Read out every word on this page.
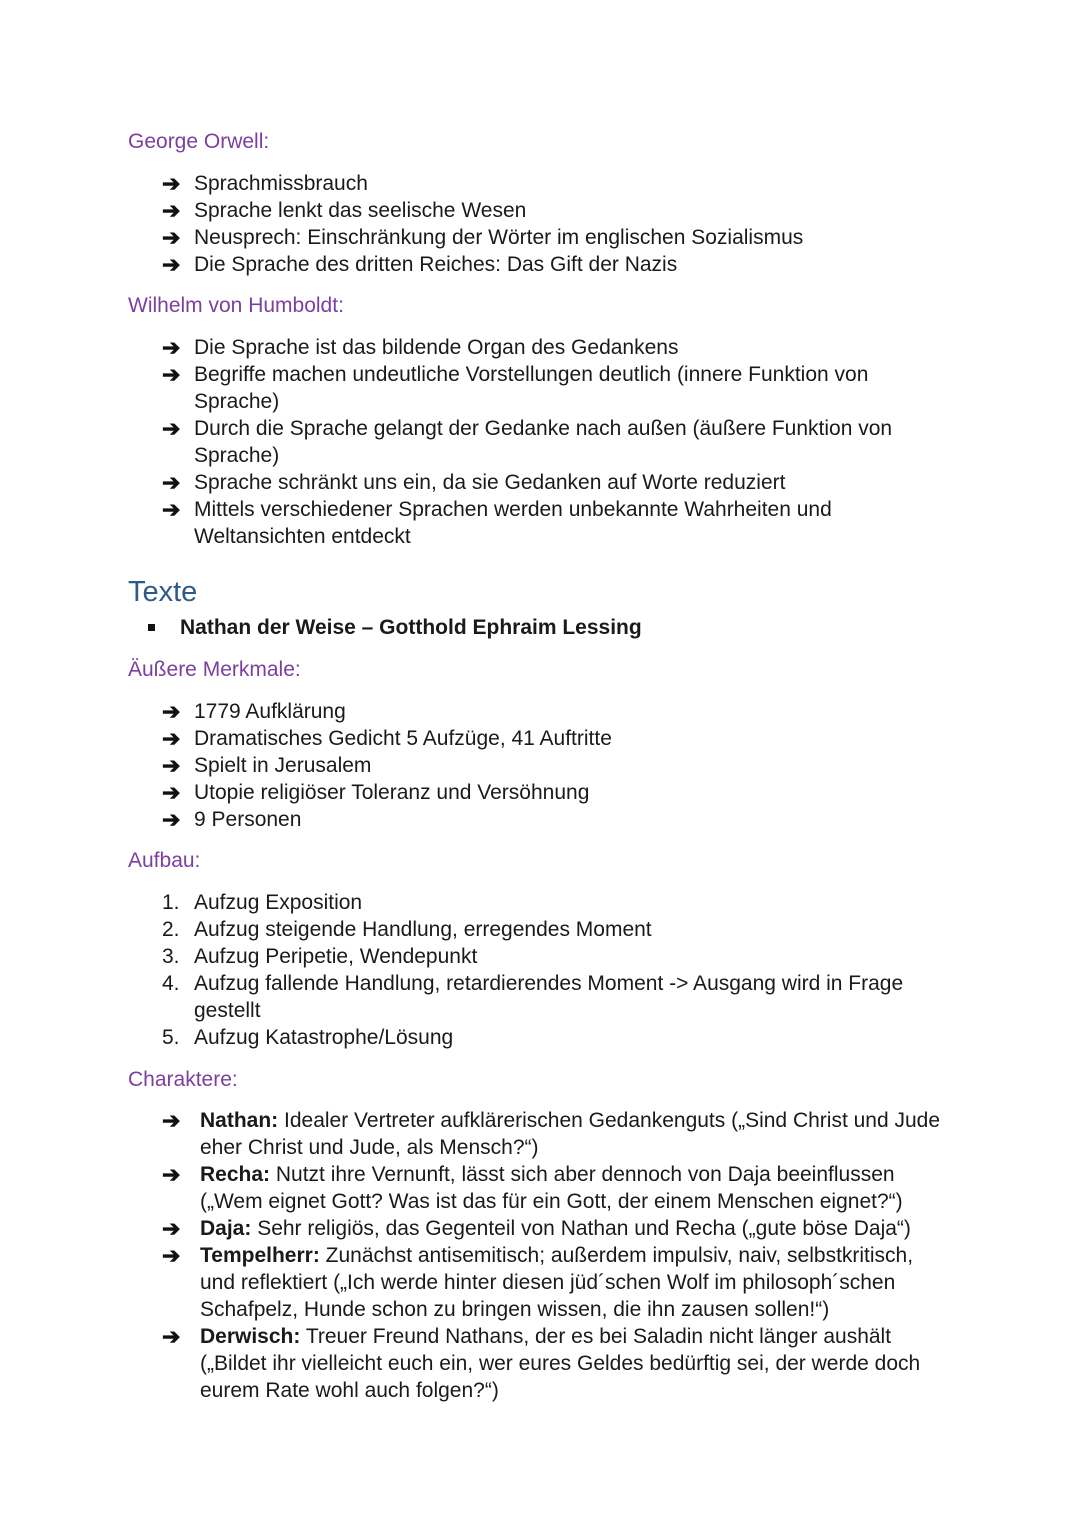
George Orwell:
➔ Sprachmissbrauch
➔ Sprache lenkt das seelische Wesen
➔ Neusprech: Einschränkung der Wörter im englischen Sozialismus
➔ Die Sprache des dritten Reiches: Das Gift der Nazis
Wilhelm von Humboldt:
➔ Die Sprache ist das bildende Organ des Gedankens
➔ Begriffe machen undeutliche Vorstellungen deutlich (innere Funktion von Sprache)
➔ Durch die Sprache gelangt der Gedanke nach außen (äußere Funktion von Sprache)
➔ Sprache schränkt uns ein, da sie Gedanken auf Worte reduziert
➔ Mittels verschiedener Sprachen werden unbekannte Wahrheiten und Weltansichten entdeckt
Texte

Nathan der Weise – Gotthold Ephraim Lessing

Äußere Merkmale:
➔ 1779 Aufklärung
➔ Dramatisches Gedicht 5 Aufzüge, 41 Auftritte
➔ Spielt in Jerusalem
➔ Utopie religiöser Toleranz und Versöhnung
➔ 9 Personen
Aufbau:
1. Aufzug Exposition
2. Aufzug steigende Handlung, erregendes Moment
3. Aufzug Peripetie, Wendepunkt
4. Aufzug fallende Handlung, retardierendes Moment -> Ausgang wird in Frage gestellt
5. Aufzug Katastrophe/Lösung
Charaktere:
➔ Nathan: Idealer Vertreter aufklärerischen Gedankenguts („Sind Christ und Jude eher Christ und Jude, als Mensch?“)
➔ Recha: Nutzt ihre Vernunft, lässt sich aber dennoch von Daja beeinflussen („Wem eignet Gott? Was ist das für ein Gott, der einem Menschen eignet?“)
➔ Daja: Sehr religiös, das Gegenteil von Nathan und Recha („gute böse Daja“)
➔ Tempelherr: Zunächst antisemitisch; außerdem impulsiv, naiv, selbstkritisch, und reflektiert („Ich werde hinter diesen jüd´schen Wolf im philosoph´schen Schafpelz, Hunde schon zu bringen wissen, die ihn zausen sollen!“)
➔ Derwisch: Treuer Freund Nathans, der es bei Saladin nicht länger aushält („Bildet ihr vielleicht euch ein, wer eures Geldes bedürftig sei, der werde doch eurem Rate wohl auch folgen?“)
